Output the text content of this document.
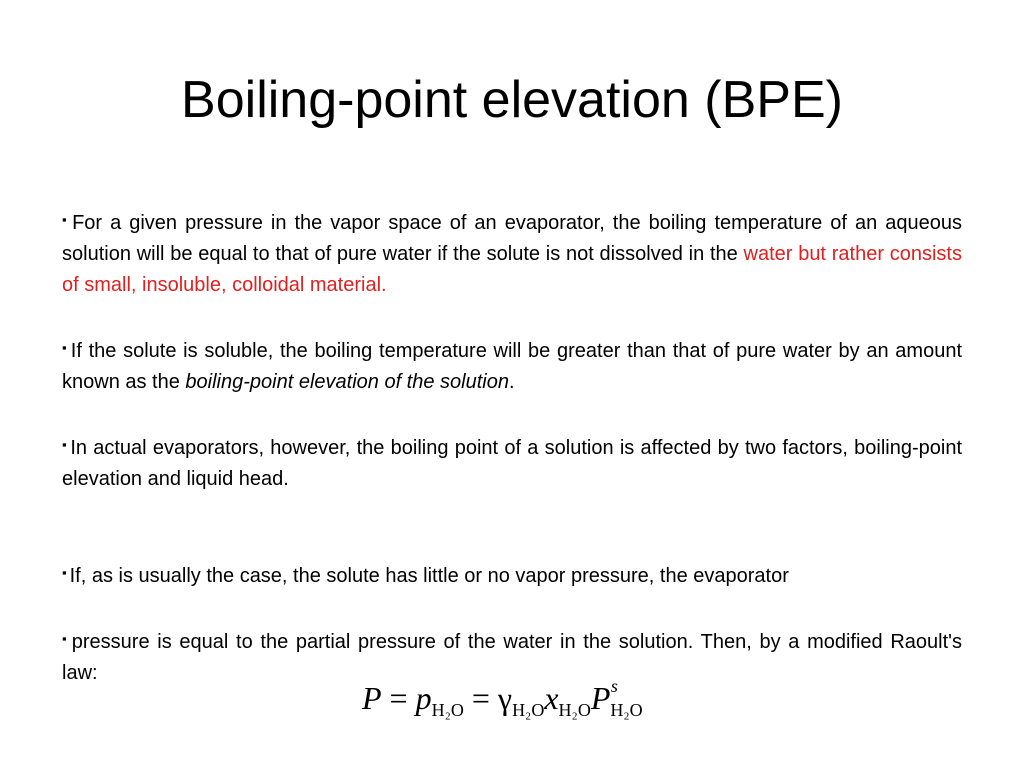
Boiling-point elevation (BPE)

▪ For a given pressure in the vapor space of an evaporator, the boiling temperature of an aqueous solution will be equal to that of pure water if the solute is not dissolved in the water but rather consists of small, insoluble, colloidal material.

▪ If the solute is soluble, the boiling temperature will be greater than that of pure water by an amount known as the boiling-point elevation of the solution.

▪ In actual evaporators, however, the boiling point of a solution is affected by two factors, boiling-point elevation and liquid head.

▪ If, as is usually the case, the solute has little or no vapor pressure, the evaporator

▪ pressure is equal to the partial pressure of the water in the solution. Then, by a modified Raoult's law:

$P = p_{H_2O} = \gamma_{H_2O}x_{H_2O}P$ s
$_{H_2O}$
